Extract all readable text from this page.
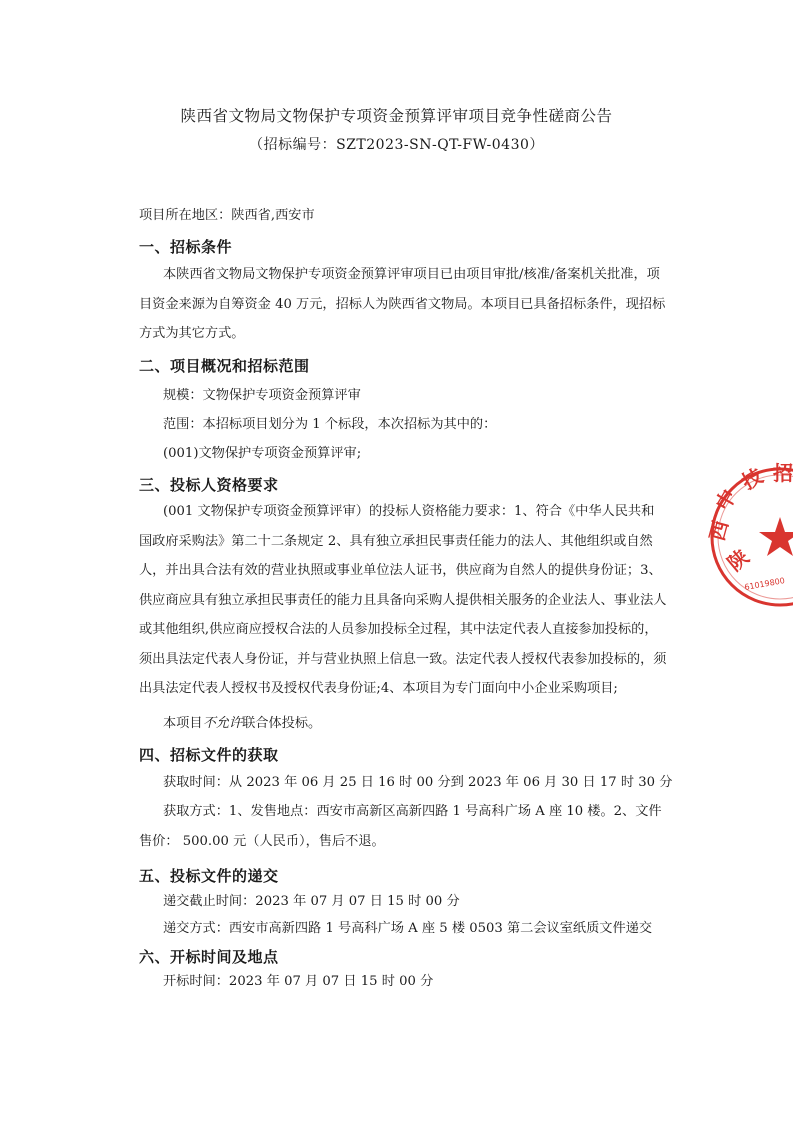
陕西省文物局文物保护专项资金预算评审项目竞争性磋商公告
（招标编号：SZT2023-SN-QT-FW-0430）
项目所在地区：陕西省,西安市
一、招标条件
本陕西省文物局文物保护专项资金预算评审项目已由项目审批/核准/备案机关批准，项目资金来源为自筹资金 40 万元，招标人为陕西省文物局。本项目已具备招标条件，现招标方式为其它方式。
二、项目概况和招标范围
规模：文物保护专项资金预算评审
范围：本招标项目划分为 1 个标段，本次招标为其中的：
(001)文物保护专项资金预算评审;
三、投标人资格要求
(001 文物保护专项资金预算评审）的投标人资格能力要求：1、符合《中华人民共和国政府采购法》第二十二条规定 2、具有独立承担民事责任能力的法人、其他组织或自然人，并出具合法有效的营业执照或事业单位法人证书，供应商为自然人的提供身份证；3、供应商应具有独立承担民事责任的能力且具备向采购人提供相关服务的企业法人、事业法人或其他组织,供应商应授权合法的人员参加投标全过程，其中法定代表人直接参加投标的，须出具法定代表人身份证，并与营业执照上信息一致。法定代表人授权代表参加投标的，须出具法定代表人授权书及授权代表身份证;4、本项目为专门面向中小企业采购项目;
本项目不允许联合体投标。
四、招标文件的获取
获取时间：从 2023 年 06 月 25 日 16 时 00 分到 2023 年 06 月 30 日 17 时 30 分
获取方式：1、发售地点：西安市高新区高新四路 1 号高科广场 A 座 10 楼。2、文件售价： 500.00 元（人民币），售后不退。
五、投标文件的递交
递交截止时间：2023 年 07 月 07 日 15 时 00 分
递交方式：西安市高新四路 1 号高科广场 A 座 5 楼 0503 第二会议室纸质文件递交
六、开标时间及地点
开标时间：2023 年 07 月 07 日 15 时 00 分
陕
西
中
技 招
61019800
